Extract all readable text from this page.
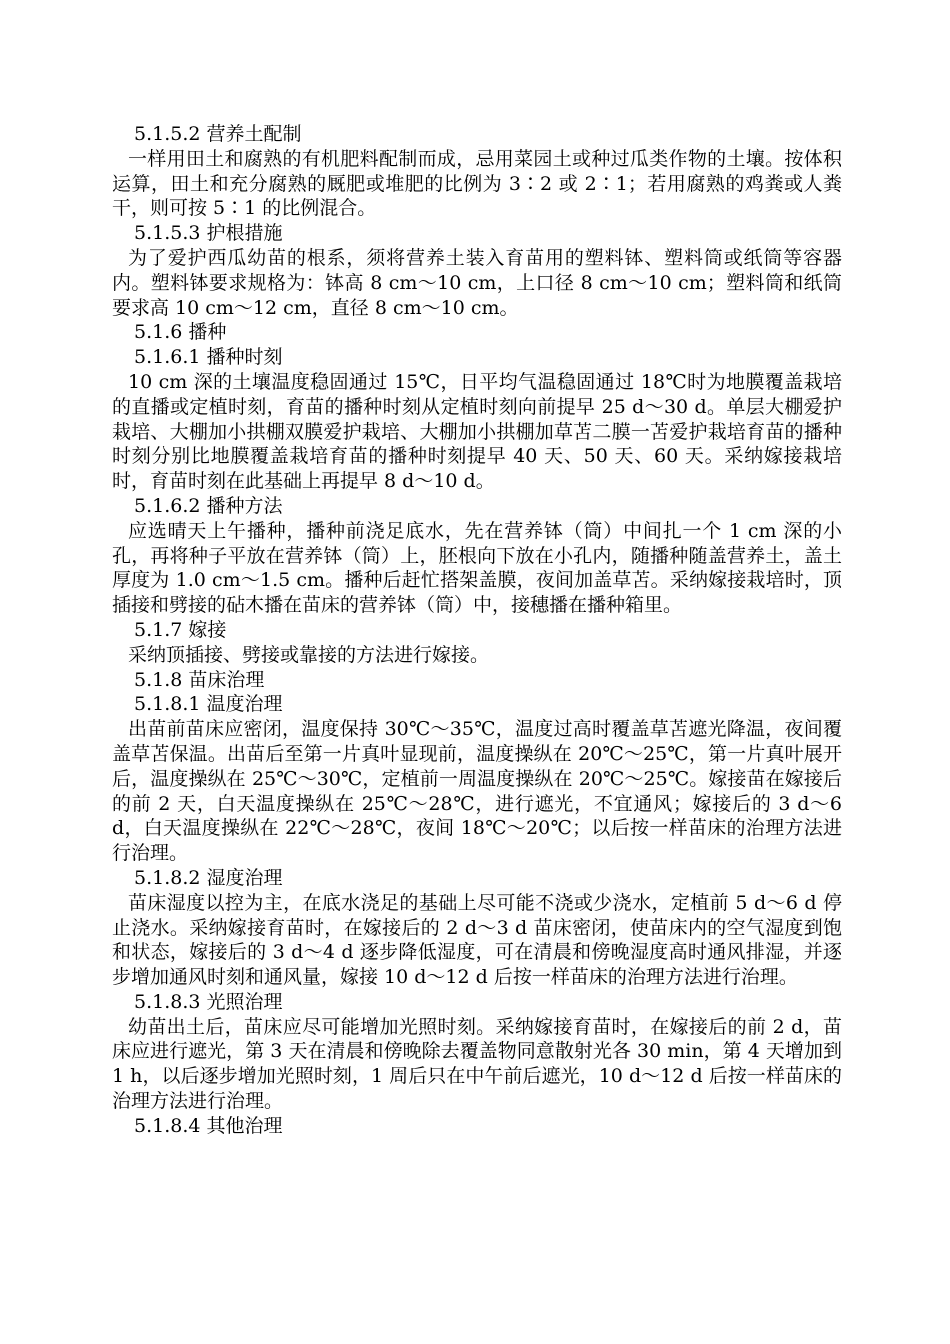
5.1.5.2 营养土配制

一样用田土和腐熟的有机肥料配制而成，忌用菜园土或种过瓜类作物的土壤。按体积运算，田土和充分腐熟的厩肥或堆肥的比例为 3∶2 或 2∶1；若用腐熟的鸡粪或人粪干，则可按 5∶1 的比例混合。

5.1.5.3 护根措施

为了爱护西瓜幼苗的根系，须将营养土装入育苗用的塑料钵、塑料筒或纸筒等容器内。塑料钵要求规格为：钵高 8 cm～10 cm，上口径 8 cm～10 cm；塑料筒和纸筒要求高 10 cm～12 cm，直径 8 cm～10 cm。

5.1.6 播种
5.1.6.1 播种时刻

10 cm 深的土壤温度稳固通过 15℃，日平均气温稳固通过 18℃时为地膜覆盖栽培的直播或定植时刻，育苗的播种时刻从定植时刻向前提早 25 d～30 d。单层大棚爱护栽培、大棚加小拱棚双膜爱护栽培、大棚加小拱棚加草苫二膜一苫爱护栽培育苗的播种时刻分别比地膜覆盖栽培育苗的播种时刻提早 40 天、50 天、60 天。采纳嫁接栽培时，育苗时刻在此基础上再提早 8 d～10 d。

5.1.6.2 播种方法

应选晴天上午播种，播种前浇足底水，先在营养钵（筒）中间扎一个 1 cm 深的小孔，再将种子平放在营养钵（筒）上，胚根向下放在小孔内，随播种随盖营养土，盖土厚度为 1.0 cm～1.5 cm。播种后赶忙搭架盖膜，夜间加盖草苫。采纳嫁接栽培时，顶插接和劈接的砧木播在苗床的营养钵（筒）中，接穗播在播种箱里。

5.1.7 嫁接

采纳顶插接、劈接或靠接的方法进行嫁接。

5.1.8 苗床治理
5.1.8.1 温度治理

出苗前苗床应密闭，温度保持 30℃～35℃，温度过高时覆盖草苫遮光降温，夜间覆盖草苫保温。出苗后至第一片真叶显现前，温度操纵在 20℃～25℃，第一片真叶展开后，温度操纵在 25℃～30℃，定植前一周温度操纵在 20℃～25℃。嫁接苗在嫁接后的前 2 天，白天温度操纵在 25℃～28℃，进行遮光，不宜通风；嫁接后的 3 d～6 d，白天温度操纵在 22℃～28℃，夜间 18℃～20℃；以后按一样苗床的治理方法进行治理。

5.1.8.2 湿度治理

苗床湿度以控为主，在底水浇足的基础上尽可能不浇或少浇水，定植前 5 d～6 d 停止浇水。采纳嫁接育苗时，在嫁接后的 2 d～3 d 苗床密闭，使苗床内的空气湿度到饱和状态，嫁接后的 3 d～4 d 逐步降低湿度，可在清晨和傍晚湿度高时通风排湿，并逐步增加通风时刻和通风量，嫁接 10 d～12 d 后按一样苗床的治理方法进行治理。

5.1.8.3 光照治理

幼苗出土后，苗床应尽可能增加光照时刻。采纳嫁接育苗时，在嫁接后的前 2 d，苗床应进行遮光，第 3 天在清晨和傍晚除去覆盖物同意散射光各 30 min，第 4 天增加到 1 h，以后逐步增加光照时刻，1 周后只在中午前后遮光，10 d～12 d 后按一样苗床的治理方法进行治理。

5.1.8.4 其他治理
